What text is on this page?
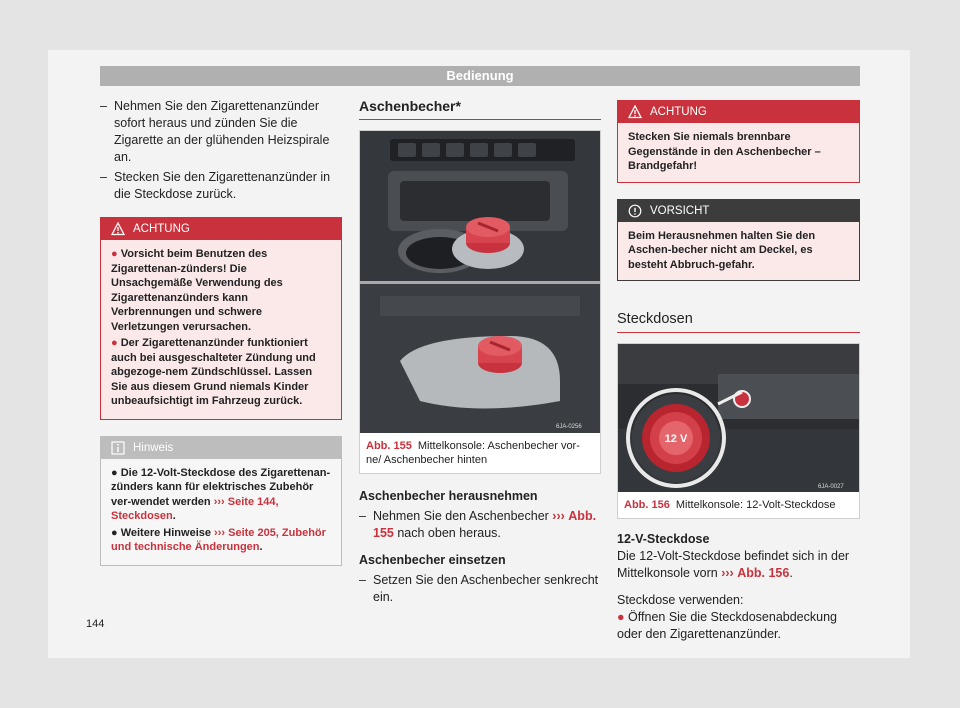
Bedienung
– Nehmen Sie den Zigarettenanzünder sofort heraus und zünden Sie die Zigarette an der glühenden Heizspirale an.
– Stecken Sie den Zigarettenanzünder in die Steckdose zurück.
ACHTUNG

● Vorsicht beim Benutzen des Zigarettenan-zünders! Die Unsachgemäße Verwendung des Zigarettenanzünders kann Verbrennungen und schwere Verletzungen verursachen.

● Der Zigarettenanzünder funktioniert auch bei ausgeschalteter Zündung und abgezoge-nem Zündschlüssel. Lassen Sie aus diesem Grund niemals Kinder unbeaufsichtigt im Fahrzeug zurück.

Hinweis

● Die 12-Volt-Steckdose des Zigarettenan-zünders kann für elektrisches Zubehör ver-wendet werden ››› Seite 144, Steckdosen.

● Weitere Hinweise ››› Seite 205, Zubehör und technische Änderungen.

Aschenbecher*
6JA-0256
Abb. 155 Mittelkonsole: Aschenbecher vor-ne/ Aschenbecher hinten

Aschenbecher herausnehmen

– Nehmen Sie den Aschenbecher ››› Abb. 155 nach oben heraus.

Aschenbecher einsetzen

– Setzen Sie den Aschenbecher senkrecht ein.
ACHTUNG
Stecken Sie niemals brennbare Gegenstände in den Aschenbecher – Brandgefahr!
VORSICHT
Beim Herausnehmen halten Sie den Aschen-becher nicht am Deckel, es besteht Abbruch-gefahr.
Steckdosen
12 V
6JA-0027
Abb. 156 Mittelkonsole: 12-Volt-Steckdose

12-V-Steckdose

Die 12-Volt-Steckdose befindet sich in der Mittelkonsole vorn ››› Abb. 156.

Steckdose verwenden:

● Öffnen Sie die Steckdosenabdeckung oder den Zigarettenanzünder.

144
